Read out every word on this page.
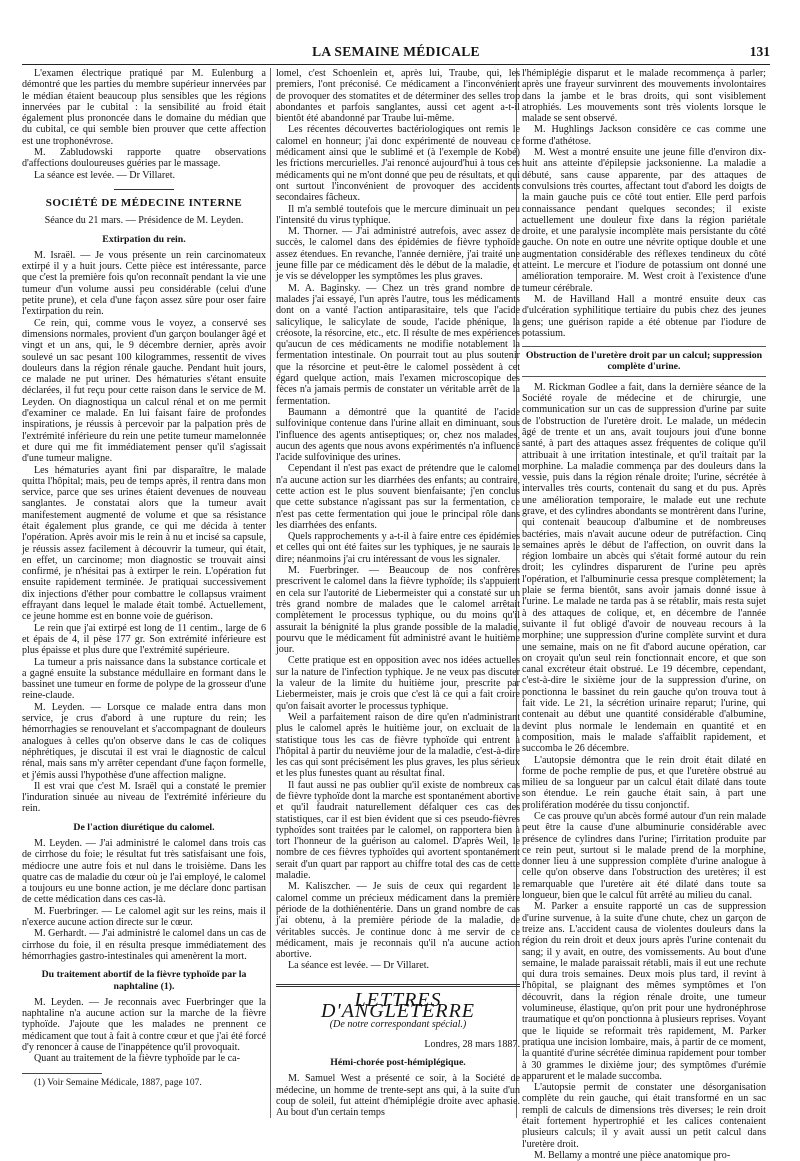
LA SEMAINE MÉDICALE	131

L'examen électrique pratiqué par M. Eulenburg a démontré que les parties du membre supérieur innervées par le médian étaient beaucoup plus sensibles que les régions innervées par le cubital : la sensibilité au froid était également plus prononcée dans le domaine du médian que du cubital, ce qui semble bien prouver que cette affection est une trophonévrose.

M. Zabludowski rapporte quatre observations d'affections douloureuses guéries par le massage.

La séance est levée. — Dr Villaret.

SOCIÉTÉ DE MÉDECINE INTERNE
Séance du 21 mars. — Présidence de M. Leyden.
Extirpation du rein.

M. Israël. — Je vous présente un rein carcinomateux extirpé il y a huit jours. Cette pièce est intéressante, parce que c'est la première fois qu'on reconnaît pendant la vie une tumeur d'un volume aussi peu considérable (celui d'une petite prune), et cela d'une façon assez sûre pour oser faire l'extirpation du rein.

Ce rein, qui, comme vous le voyez, a conservé ses dimensions normales, provient d'un garçon boulanger âgé et vingt et un ans, qui, le 9 décembre dernier, après avoir soulevé un sac pesant 100 kilogrammes, ressentit de vives douleurs dans la région rénale gauche. Pendant huit jours, ce malade ne put uriner. Des hématuries s'étant ensuite déclarées, il fut reçu pour cette raison dans le service de M. Leyden. On diagnostiqua un calcul rénal et on me permit d'examiner ce malade. En lui faisant faire de profondes inspirations, je réussis à percevoir par la palpation près de l'extrémité inférieure du rein une petite tumeur mamelonnée et dure qui me fit immédiatement penser qu'il s'agissait d'une tumeur maligne.

Les hématuries ayant fini par disparaître, le malade quitta l'hôpital; mais, peu de temps après, il rentra dans mon service, parce que ses urines étaient devenues de nouveau sanglantes. Je constatai alors que la tumeur avait manifestement augmenté de volume et que sa résistance était également plus grande, ce qui me décida à tenter l'opération. Après avoir mis le rein à nu et incisé sa capsule, je réussis assez facilement à découvrir la tumeur, qui était, en effet, un carcinome; mon diagnostic se trouvait ainsi confirmé, je n'hésitai pas à extirper le rein. L'opération fut ensuite rapidement terminée. Je pratiquai successivement dix injections d'éther pour combattre le collapsus vraiment effrayant dans lequel le malade était tombé. Actuellement, ce jeune homme est en bonne voie de guérison.

Le rein que j'ai extirpé est long de 11 centim., large de 6 et épais de 4, il pèse 177 gr. Son extrémité inférieure est plus épaisse et plus dure que l'extrémité supérieure.

La tumeur a pris naissance dans la substance corticale et a gagné ensuite la substance médullaire en formant dans le bassinet une tumeur en forme de polype de la grosseur d'une reine-claude.

M. Leyden. — Lorsque ce malade entra dans mon service, je crus d'abord à une rupture du rein; les hémorrhagies se renouvelant et s'accompagnant de douleurs analogues à celles qu'on observe dans le cas de coliques néphrétiques, je discutai il est vrai le diagnostic de calcul rénal, mais sans m'y arrêter cependant d'une façon formelle, et j'émis aussi l'hypothèse d'une affection maligne.

Il est vrai que c'est M. Israël qui a constaté le premier l'induration sinuée au niveau de l'extrémité inférieure du rein.

De l'action diurétique du calomel.

M. Leyden. — J'ai administré le calomel dans trois cas de cirrhose du foie; le résultat fut très satisfaisant une fois, médiocre une autre fois et nul dans le troisième. Dans les quatre cas de maladie du cœur où je l'ai employé, le calomel a toujours eu une bonne action, je me déclare donc partisan de cette médication dans ces cas-là.

M. Fuerbringer. — Le calomel agit sur les reins, mais il n'exerce aucune action directe sur le cœur.

M. Gerhardt. — J'ai administré le calomel dans un cas de cirrhose du foie, il en résulta presque immédiatement des hémorrhagies gastro-intestinales qui amenèrent la mort.

Du traitement abortif de la fièvre typhoïde par la naphtaline (1).

M. Leyden. — Je reconnais avec Fuerbringer que la naphtaline n'a aucune action sur la marche de la fièvre typhoïde. J'ajoute que les malades ne prennent ce médicament que tout à fait à contre cœur et que j'ai été forcé d'y renoncer à cause de l'inappétence qu'il provoquait.

Quant au traitement de la fièvre typhoïde par le ca-

(1) Voir Semaine Médicale, 1887, page 107.

lomel, c'est Schoenlein et, après lui, Traube, qui, les premiers, l'ont préconisé. Ce médicament a l'inconvénient de provoquer des stomatites et de déterminer des selles trop abondantes et parfois sanglantes, aussi cet agent a-t-il bientôt été abandonné par Traube lui-même.

Les récentes découvertes bactériologiques ont remis le calomel en honneur; j'ai donc expérimenté de nouveau ce médicament ainsi que le sublimé et (à l'exemple de Kobé) les frictions mercurielles. J'ai renoncé aujourd'hui à tous ces médicaments qui ne m'ont donné que peu de résultats, et qui ont surtout l'inconvénient de provoquer des accidents secondaires fâcheux.

Il m'a semblé toutefois que le mercure diminuait un peu l'intensité du virus typhique.

M. Thorner. — J'ai administré autrefois, avec assez de succès, le calomel dans des épidémies de fièvre typhoïde assez étendues. En revanche, l'année dernière, j'ai traité une jeune fille par ce médicament dès le début de la maladie, et je vis se développer les symptômes les plus graves.

M. A. Baginsky. — Chez un très grand nombre de malades j'ai essayé, l'un après l'autre, tous les médicaments dont on a vanté l'action antiparasitaire, tels que l'acide salicylique, le salicylate de soude, l'acide phénique, la créosote, la résorcine, etc., etc. Il résulte de mes expériences qu'aucun de ces médicaments ne modifie notablement la fermentation intestinale. On pourrait tout au plus soutenir que la résorcine et peut-être le calomel possèdent à cet égard quelque action, mais l'examen microscopique des fèces n'a jamais permis de constater un véritable arrêt de la fermentation.

Baumann a démontré que la quantité de l'acide sulfovinique contenue dans l'urine allait en diminuant, sous l'influence des agents antiseptiques; or, chez nos malades, aucun des agents que nous avons expérimentés n'a influencé l'acide sulfovinique des urines.

Cependant il n'est pas exact de prétendre que le calomel n'a aucune action sur les diarrhées des enfants; au contraire, cette action est le plus souvent bienfaisante; j'en conclus que cette substance n'agissant pas sur la fermentation, ce n'est pas cette fermentation qui joue le principal rôle dans les diarrhées des enfants.

Quels rapprochements y a-t-il à faire entre ces épidémies et celles qui ont été faites sur les typhiques, je ne saurais le dire; néanmoins j'ai cru intéressant de vous les signaler.

M. Fuerbringer. — Beaucoup de nos confrères prescrivent le calomel dans la fièvre typhoïde; ils s'appuient en cela sur l'autorité de Liebermeister qui a constaté sur un très grand nombre de malades que le calomel arrêtait complètement le processus typhique, ou du moins qu'il assurait la bénignité la plus grande possible de la maladie, pourvu que le médicament fût administré avant le huitième jour.

Cette pratique est en opposition avec nos idées actuelles sur la nature de l'infection typhique. Je ne veux pas discuter la valeur de la limite du huitième jour, prescrite par Liebermeister, mais je crois que c'est là ce qui a fait croire qu'on faisait avorter le processus typhique.

Weil a parfaitement raison de dire qu'en n'administrant plus le calomel après le huitième jour, on excluait de la statistique tous les cas de fièvre typhoïde qui entrent à l'hôpital à partir du neuvième jour de la maladie, c'est-à-dire les cas qui sont précisément les plus graves, les plus sérieux et les plus funestes quant au résultat final.

Il faut aussi ne pas oublier qu'il existe de nombreux cas de fièvre typhoïde dont la marche est spontanément abortive et qu'il faudrait naturellement défalquer ces cas des statistiques, car il est bien évident que si ces pseudo-fièvres typhoïdes sont traitées par le calomel, on rapportera bien à tort l'honneur de la guérison au calomel. D'après Weil, le nombre de ces fièvres typhoïdes qui avortent spontanément serait d'un quart par rapport au chiffre total des cas de cette maladie.

M. Kaliszcher. — Je suis de ceux qui regardent le calomel comme un précieux médicament dans la première période de la dothiénentérie. Dans un grand nombre de cas j'ai obtenu, à la première période de la maladie, de véritables succès. Je continue donc à me servir de ce médicament, mais je reconnais qu'il n'a aucune action abortive.

La séance est levée. — Dr Villaret.

LETTRES D'ANGLETERRE
(De notre correspondant spécial.)
Londres, 28 mars 1887.
Hémi-chorée post-hémiplégique.

M. Samuel West a présenté ce soir, à la Société de médecine, un homme de trente-sept ans qui, à la suite d'un coup de soleil, fut atteint d'hémiplégie droite avec aphasie. Au bout d'un certain temps

l'hémiplégie disparut et le malade recommença à parler; après une frayeur survinrent des mouvements involontaires dans la jambe et le bras droits, qui sont visiblement atrophiés. Les mouvements sont très violents lorsque le malade se sent observé.

M. Hughlings Jackson considère ce cas comme une forme d'athétose.

M. West a montré ensuite une jeune fille d'environ dix-huit ans atteinte d'épilepsie jacksonienne. La maladie a débuté, sans cause apparente, par des attaques de convulsions très courtes, affectant tout d'abord les doigts de la main gauche puis ce côté tout entier. Elle perd parfois connaissance pendant quelques secondes; il existe actuellement une douleur fixe dans la région pariétale droite, et une paralysie incomplète mais persistante du côté gauche. On note en outre une névrite optique double et une augmentation considérable des réflexes tendineux du côté atteint. Le mercure et l'iodure de potassium ont donné une amélioration temporaire. M. West croit à l'existence d'une tumeur cérébrale.

M. de Havilland Hall a montré ensuite deux cas d'ulcération syphilitique tertiaire du pubis chez des jeunes gens; une guérison rapide a été obtenue par l'iodure de potassium.

Obstruction de l'uretère droit par un calcul; suppression complète d'urine.

M. Rickman Godlee a fait, dans la dernière séance de la Société royale de médecine et de chirurgie, une communication sur un cas de suppression d'urine par suite de l'obstruction de l'uretère droit. Le malade, un médecin âgé de trente et un ans, avait toujours joui d'une bonne santé, à part des attaques assez fréquentes de colique qu'il attribuait à une irritation intestinale, et qu'il traitait par la morphine. La maladie commença par des douleurs dans la vessie, puis dans la région rénale droite; l'urine, sécrétée à intervalles très courts, contenait du sang et du pus. Après une amélioration temporaire, le malade eut une rechute grave, et des cylindres abondants se montrèrent dans l'urine, qui contenait beaucoup d'albumine et de nombreuses bactéries, mais n'avait aucune odeur de putréfaction. Cinq semaines après le début de l'affection, on ouvrit dans la région lombaire un abcès qui s'était formé autour du rein droit; les cylindres disparurent de l'urine peu après l'opération, et l'albuminurie cessa presque complètement; la plaie se ferma bientôt, sans avoir jamais donné issue à l'urine. Le malade ne tarda pas à se rétablir, mais resta sujet à des attaques de colique, et, en décembre de l'année suivante il fut obligé d'avoir de nouveau recours à la morphine; une suppression d'urine complète survint et dura une semaine, mais on ne fit d'abord aucune opération, car on croyait qu'un seul rein fonctionnait encore, et que son canal excréteur était obstrué. Le 19 décembre, cependant, c'est-à-dire le sixième jour de la suppression d'urine, on ponctionna le bassinet du rein gauche qu'on trouva tout à fait vide. Le 21, la sécrétion urinaire reparut; l'urine, qui contenait au début une quantité considérable d'albumine, devint plus normale le lendemain en quantité et en composition, mais le malade s'affaiblit rapidement, et succomba le 26 décembre.

L'autopsie démontra que le rein droit était dilaté en forme de poche remplie de pus, et que l'uretère obstrué au milieu de sa longueur par un calcul était dilaté dans toute son étendue. Le rein gauche était sain, à part une prolifération modérée du tissu conjonctif.

Ce cas prouve qu'un abcès formé autour d'un rein malade peut être la cause d'une albuminurie considérable avec présence de cylindres dans l'urine; l'irritation produite par ce rein peut, surtout si le malade prend de la morphine, donner lieu à une suppression complète d'urine analogue à celle qu'on observe dans l'obstruction des uretères; il est remarquable que l'uretère ait été dilaté dans toute sa longueur, bien que le calcul fût arrêté au milieu du canal.

M. Parker a ensuite rapporté un cas de suppression d'urine survenue, à la suite d'une chute, chez un garçon de treize ans. L'accident causa de violentes douleurs dans la région du rein droit et deux jours après l'urine contenait du sang; il y avait, en outre, des vomissements. Au bout d'une semaine, le malade paraissait rétabli, mais il eut une rechute qui dura trois semaines. Deux mois plus tard, il revint à l'hôpital, se plaignant des mêmes symptômes et l'on découvrit, dans la région rénale droite, une tumeur volumineuse, élastique, qu'on prit pour une hydronéphrose traumatique et qu'on ponctionna à plusieurs reprises. Voyant que le liquide se reformait très rapidement, M. Parker pratiqua une incision lombaire, mais, à partir de ce moment, la quantité d'urine sécrétée diminua rapidement pour tomber à 30 grammes le dixième jour; des symptômes d'urémie apparurent et le malade succomba.

L'autopsie permit de constater une désorganisation complète du rein gauche, qui était transformé en un sac rempli de calculs de dimensions très diverses; le rein droit était fortement hypertrophié et les calices contenaient plusieurs calculs; il y avait aussi un petit calcul dans l'uretère droit.

M. Bellamy a montré une pièce anatomique pro-
